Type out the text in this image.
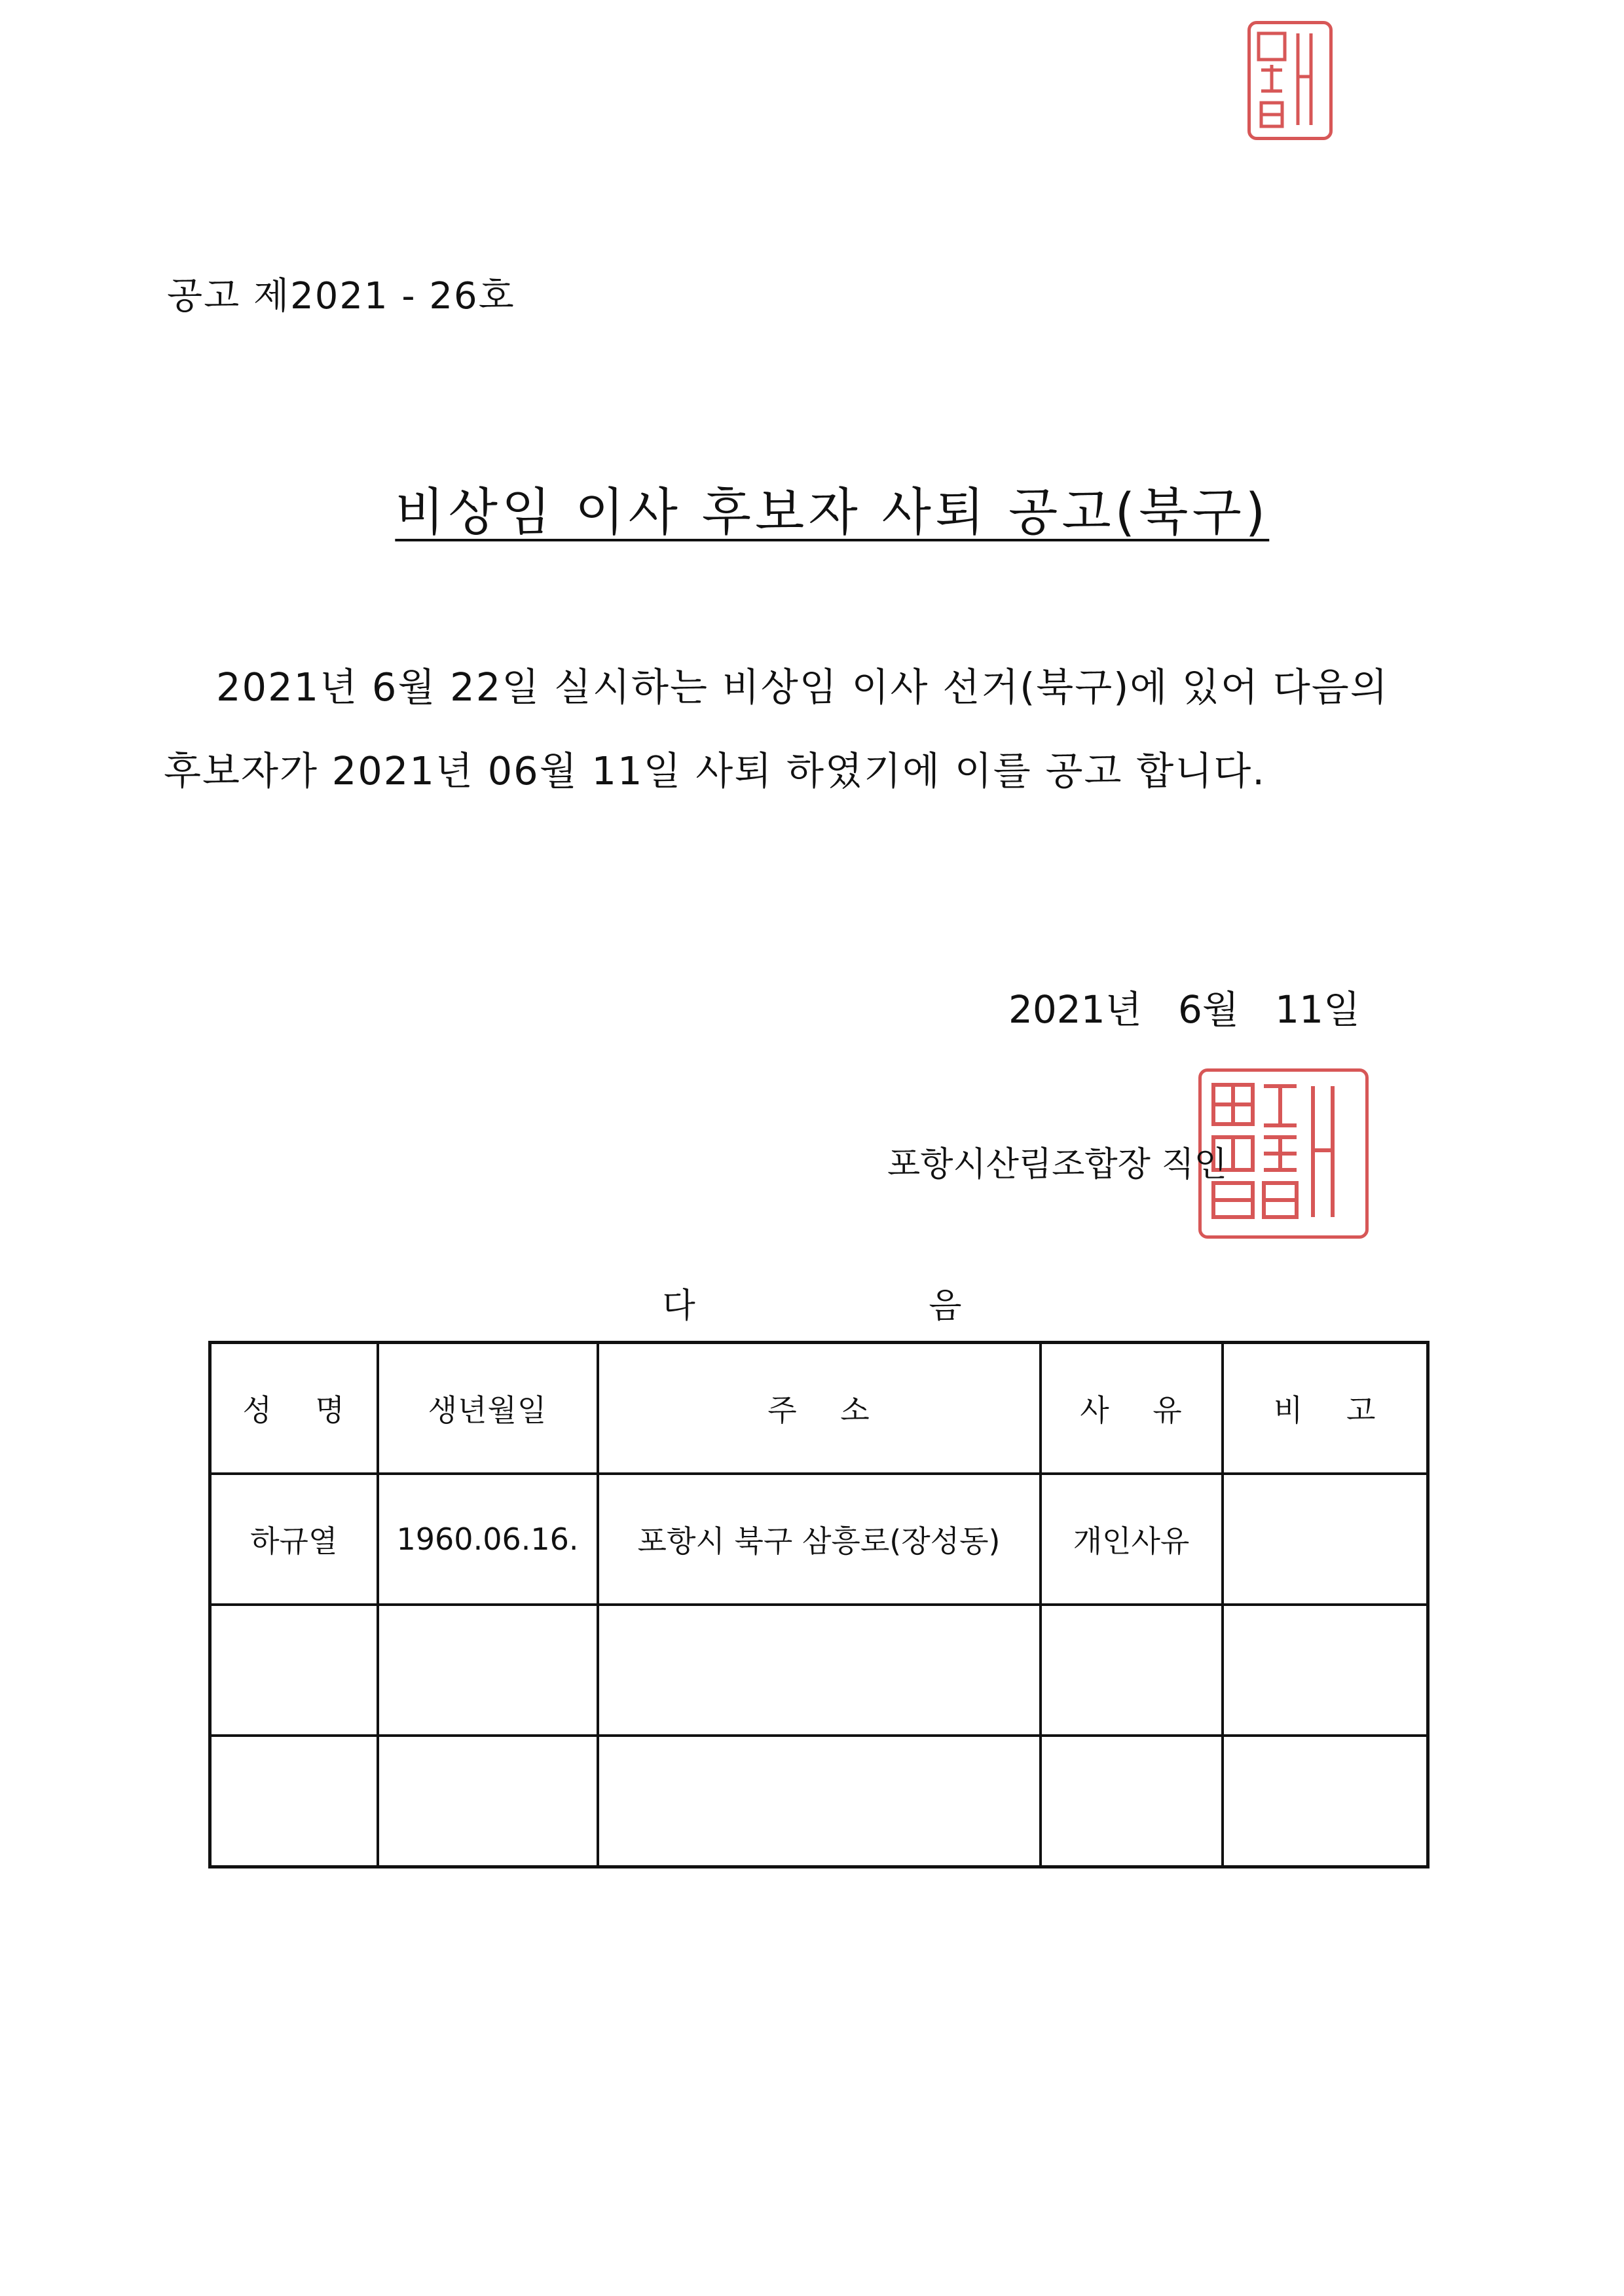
공고 제2021 - 26호

비상임 이사 후보자 사퇴 공고(북구)

2021년 6월 22일 실시하는 비상임 이사 선거(북구)에 있어 다음의
후보자가 2021년 06월 11일 사퇴 하였기에 이를 공고 합니다.
2021년   6월   11일
포항시산림조합장 직인
다 음
성 명	생년월일	주 소	사 유	비 고
하규열	1960.06.16.	포항시 북구 삼흥로(장성동)	개인사유	
